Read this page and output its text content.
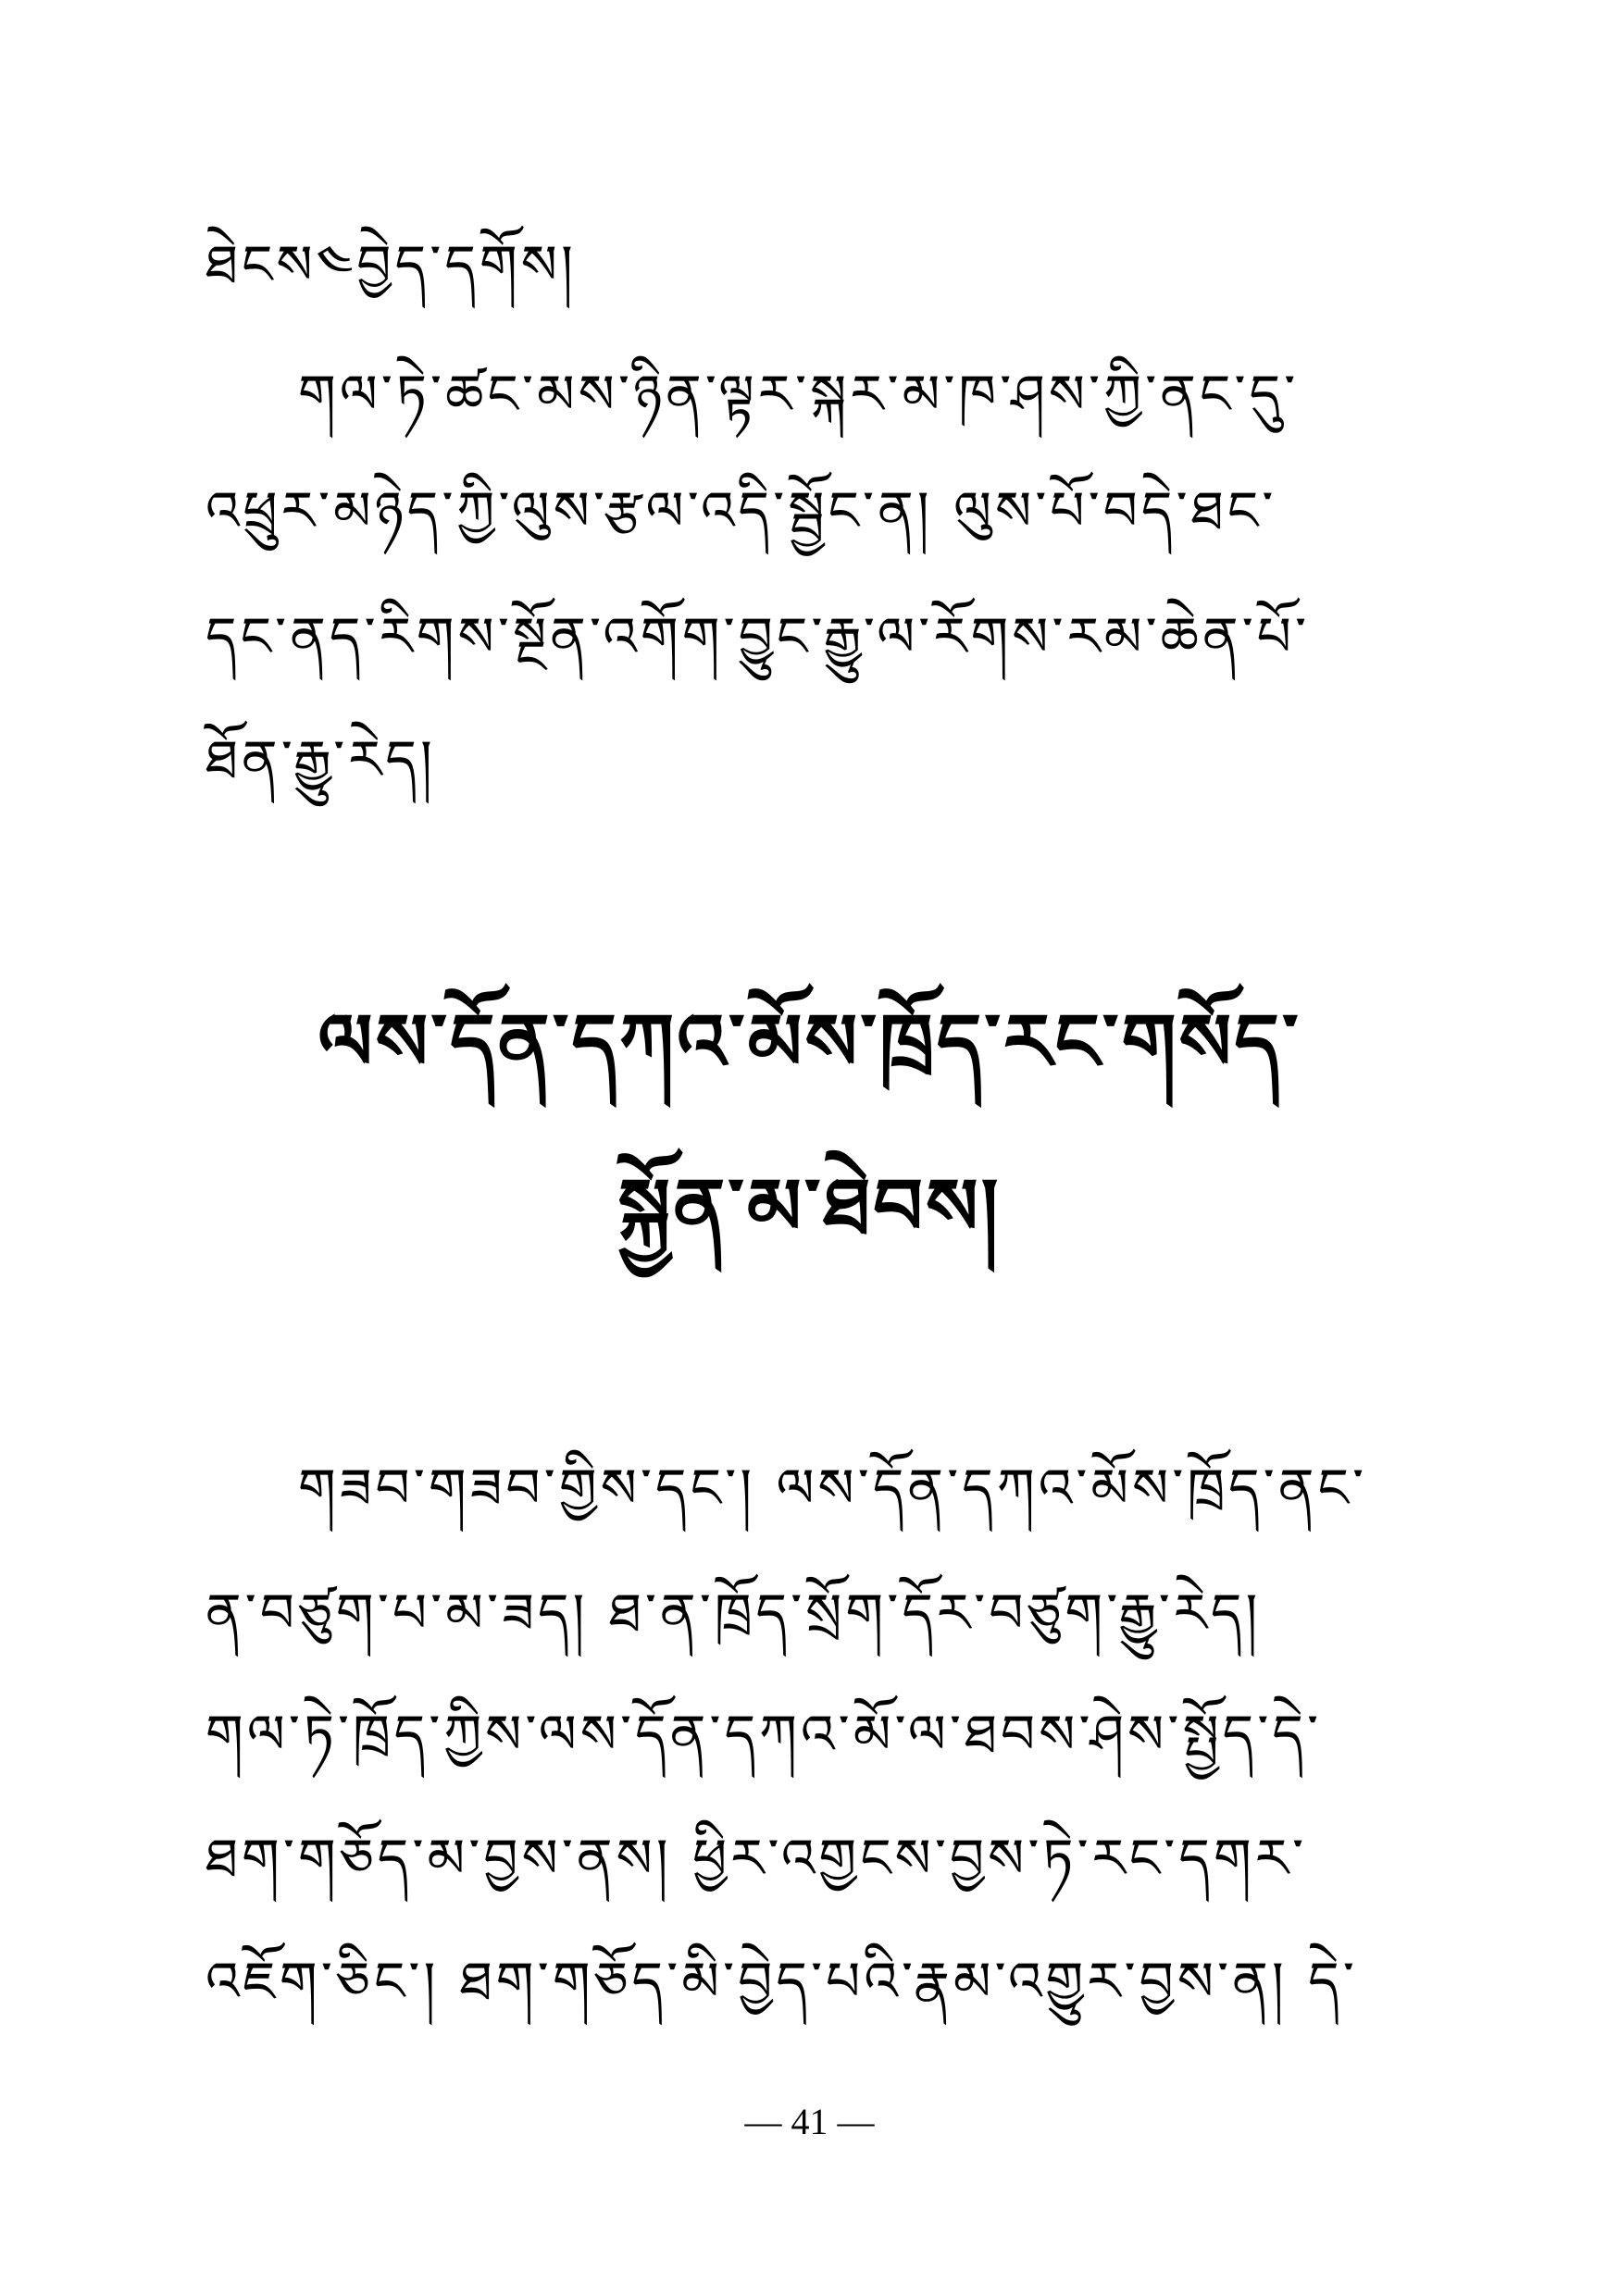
ཐེངས༤བྱེད་དགོས།
གལ་ཏེ་ཚང་མས་ཉིན་ལྟར་སྐར་མ་ཁ་ཤས་ཀྱི་ནང་དུ་
འཕྲུར་མཉེད་ཀྱི་ལུས་རྩལ་འདི་སྦྱོང་ན། ལུས་པོ་བདེ་ཐང་
དང་ནད་རིགས་སྔོན་འགོག་བྱུང་རྒྱུ་ལ་རོགས་རམ་ཆེན་པོ་
ཐོན་རྒྱུ་རེད།
ལས་དོན་དཀའ་མོས་ཁྲོད་རང་གསོད་
སྐྱོན་མ་ཐེབས།
གཟབ་གཟབ་གྱིས་དང་། ལས་དོན་དཀའ་མོས་ཁྲོད་ནང་
ན་བཙུག་པ་མ་ཟད། ཐ་ན་ཁྲོད་སྲོག་དོར་བཙུག་རྒྱུ་རེད།
གལ་ཏེ་ཁྲོད་ཀྱིས་ལས་དོན་དཀའ་མོ་ལ་ཐབས་ཤེས་སྤྱོད་དེ་
ཐག་གཅོད་མ་བྱས་ནས། ཕྱིར་འགྱངས་བྱས་ཏེ་རང་དགར་
འཇོག་ཅིང་། ཐག་གཅོད་མི་བྱེད་པའི་རྣམ་འགྱུར་བྱས་ན། དེ་
— 41 —
